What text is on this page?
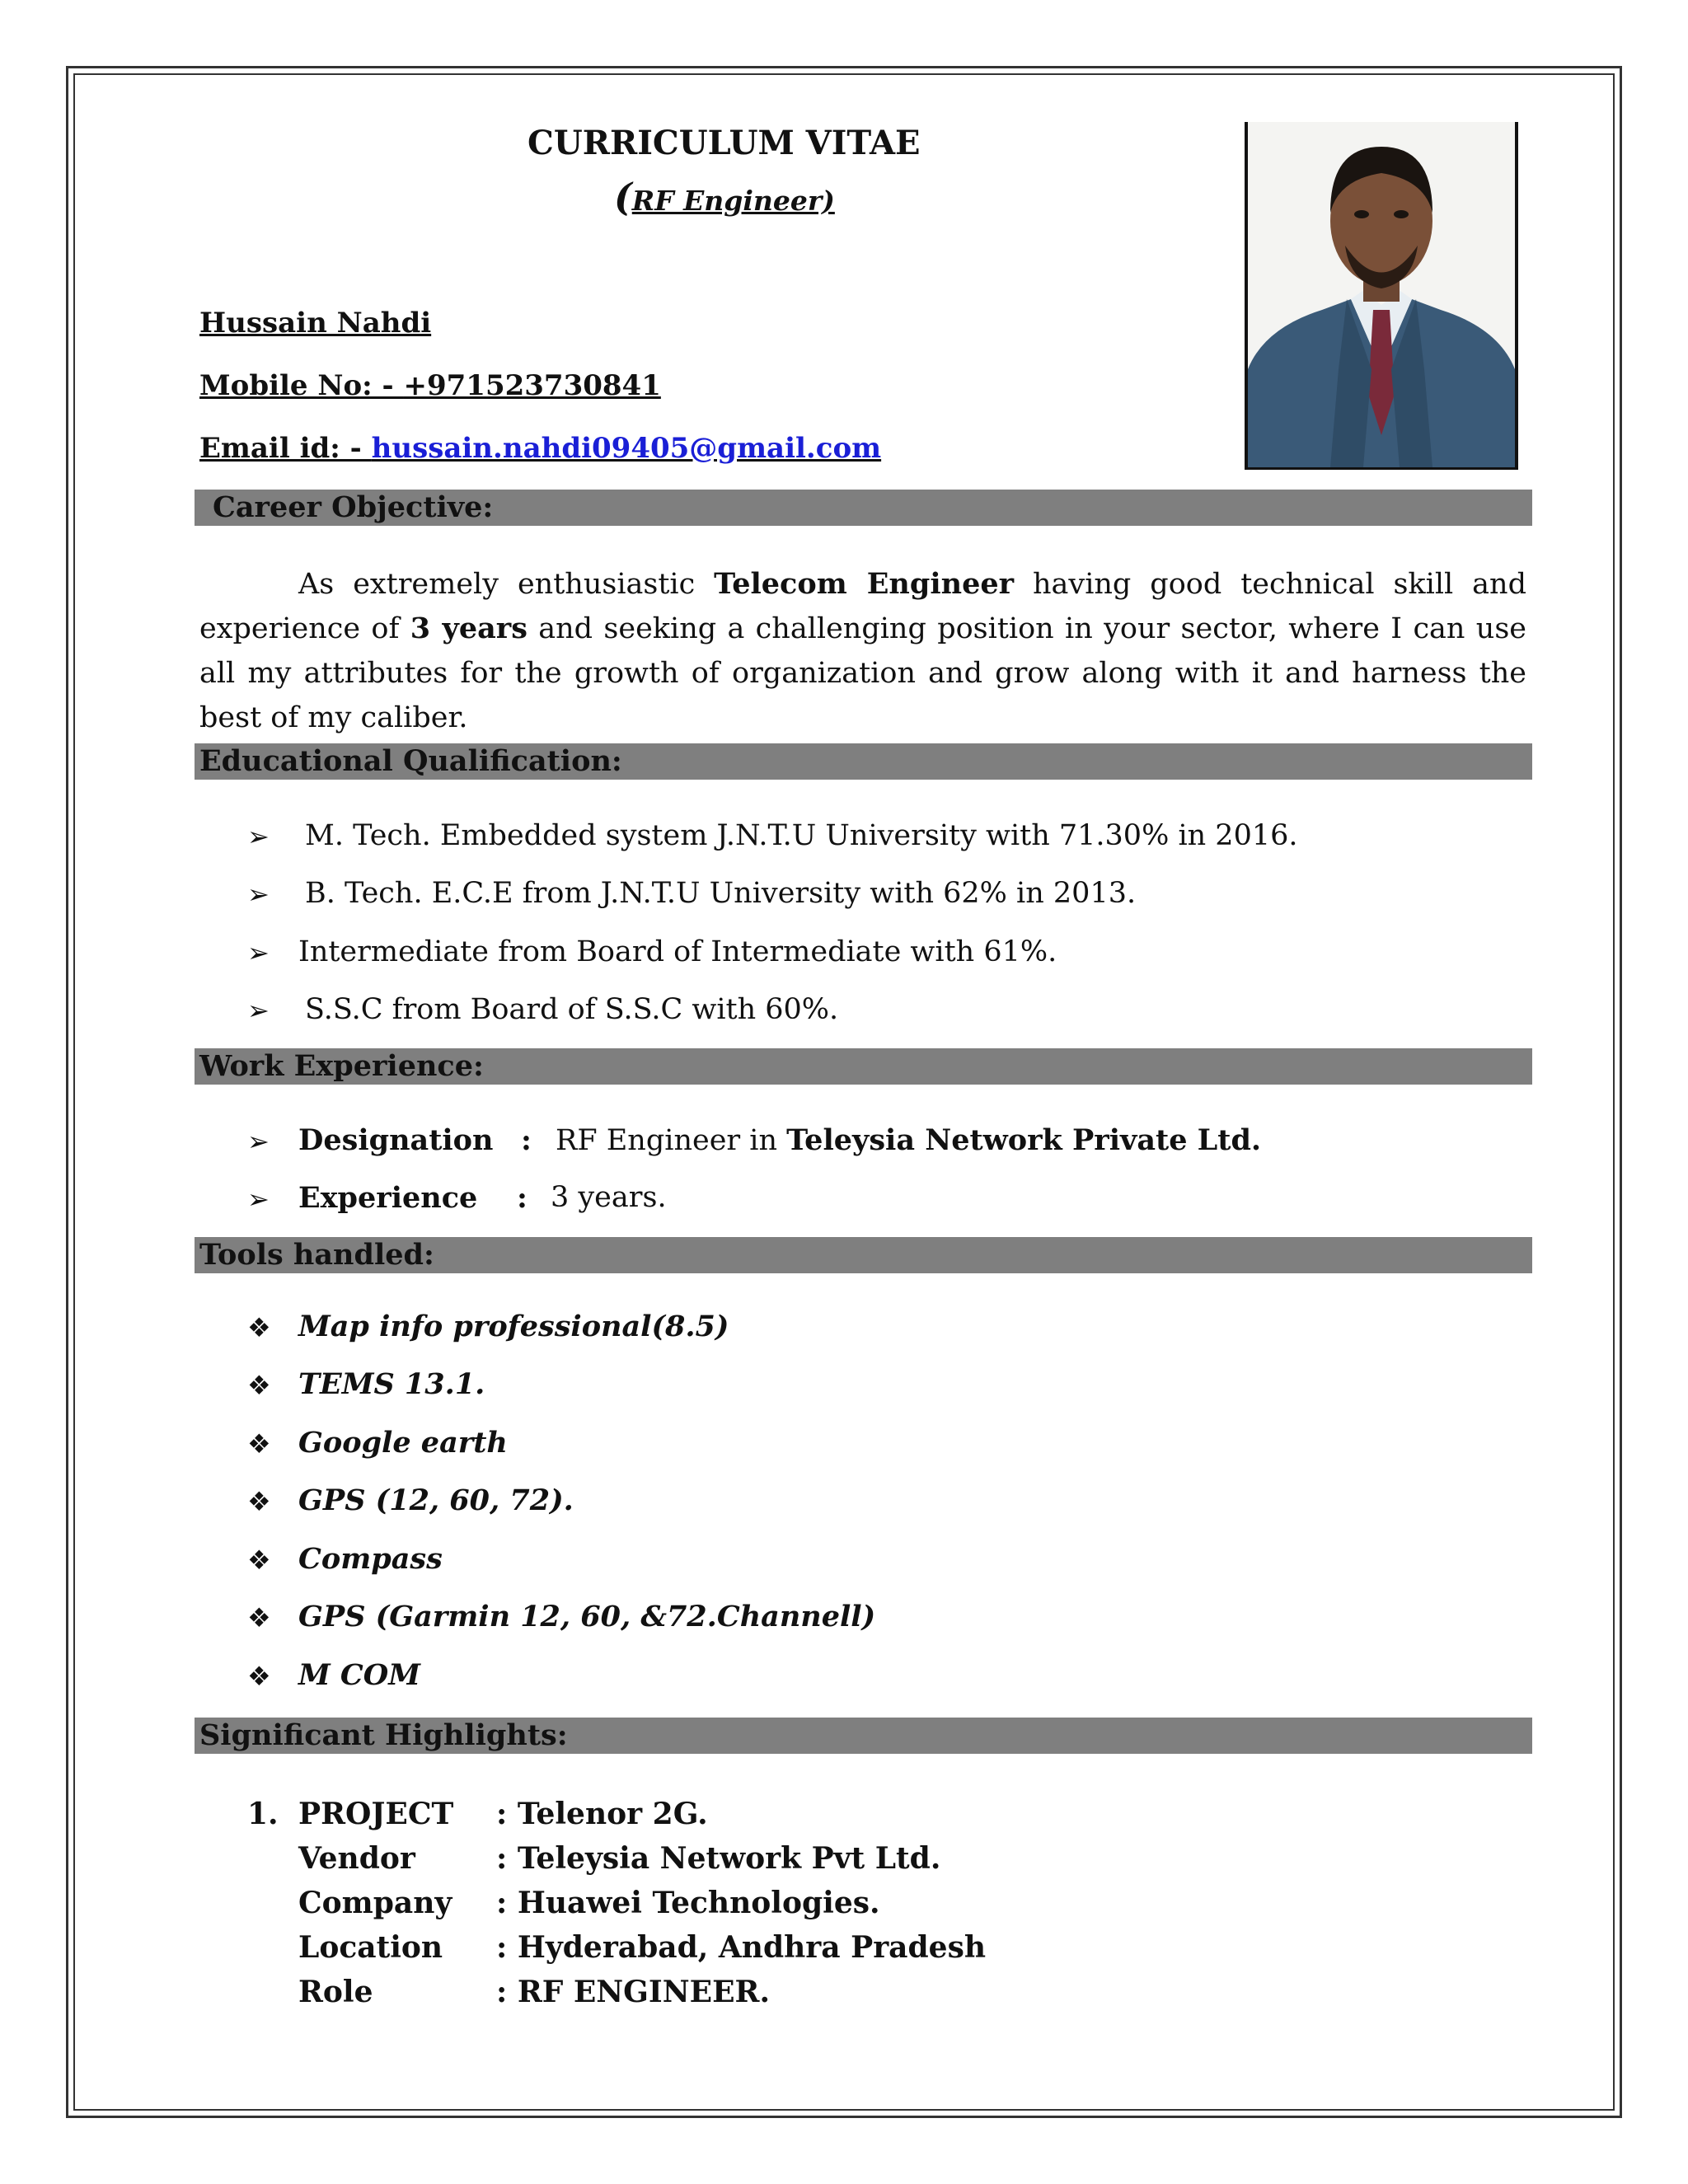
CURRICULUM VITAE
(RF Engineer)
Hussain Nahdi
Mobile No: - +971523730841
Email id: - hussain.nahdi09405@gmail.com
Career Objective:

As extremely enthusiastic Telecom Engineer having good technical skill and experience of 3 years and seeking a challenging position in your sector, where I can use all my attributes for the growth of organization and grow along with it and harness the best of my caliber.

Educational Qualification:
➢ M. Tech. Embedded system J.N.T.U University with 71.30% in 2016.
➢ B. Tech. E.C.E from J.N.T.U University with 62% in 2013.
➢ Intermediate from Board of Intermediate with 61%.
➢ S.S.C from Board of S.S.C with 60%.
Work Experience:
➢ Designation : RF Engineer in Teleysia Network Private Ltd.
➢ Experience : 3 years.
Tools handled:
❖ Map info professional(8.5)
❖ TEMS 13.1.
❖ Google earth
❖ GPS (12, 60, 72).
❖ Compass
❖ GPS (Garmin 12, 60, &72.Channell)
❖ M COM
Significant Highlights:
1. PROJECT : Telenor 2G.
Vendor	: Teleysia Network Pvt Ltd.
Company : Huawei Technologies.
Location : Hyderabad, Andhra Pradesh
Role	: RF ENGINEER.
